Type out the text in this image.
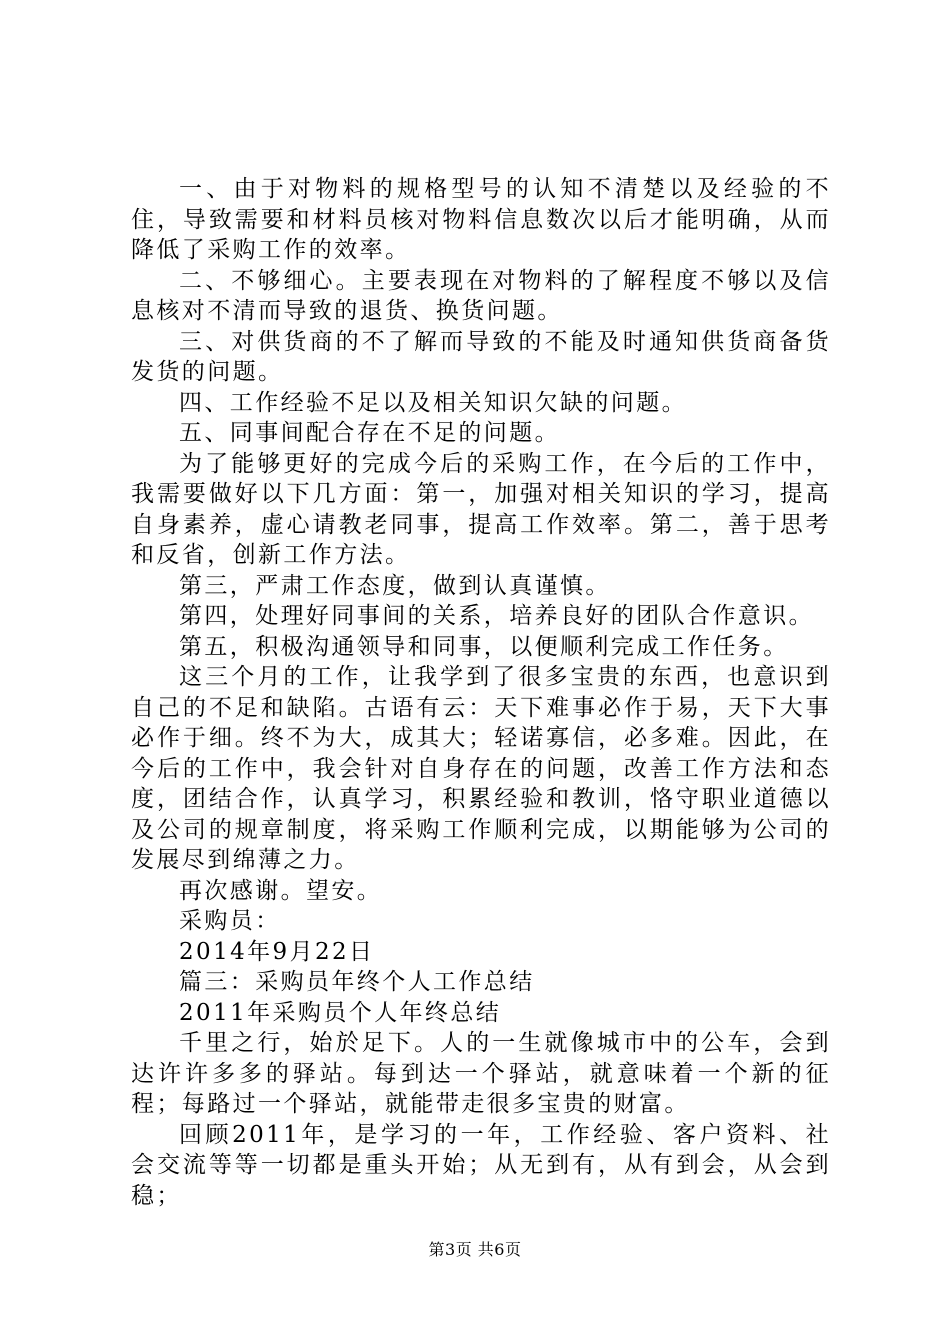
一、由于对物料的规格型号的认知不清楚以及经验的不住，导致需要和材料员核对物料信息数次以后才能明确，从而降低了采购工作的效率。

二、不够细心。主要表现在对物料的了解程度不够以及信息核对不清而导致的退货、换货问题。

三、对供货商的不了解而导致的不能及时通知供货商备货发货的问题。

四、工作经验不足以及相关知识欠缺的问题。

五、同事间配合存在不足的问题。

为了能够更好的完成今后的采购工作，在今后的工作中，我需要做好以下几方面：第一，加强对相关知识的学习，提高自身素养，虚心请教老同事，提高工作效率。第二，善于思考和反省，创新工作方法。

第三，严肃工作态度，做到认真谨慎。

第四，处理好同事间的关系，培养良好的团队合作意识。

第五，积极沟通领导和同事，以便顺利完成工作任务。

这三个月的工作，让我学到了很多宝贵的东西，也意识到自己的不足和缺陷。古语有云：天下难事必作于易，天下大事必作于细。终不为大，成其大；轻诺寡信，必多难。因此，在今后的工作中，我会针对自身存在的问题，改善工作方法和态度，团结合作，认真学习，积累经验和教训，恪守职业道德以及公司的规章制度，将采购工作顺利完成，以期能够为公司的发展尽到绵薄之力。

再次感谢。望安。

采购员：

2014年9月22日

篇三：采购员年终个人工作总结

2011年采购员个人年终总结

千里之行，始於足下。人的一生就像城市中的公车，会到达许许多多的驿站。每到达一个驿站，就意味着一个新的征程；每路过一个驿站，就能带走很多宝贵的财富。

回顾2011年，是学习的一年，工作经验、客户资料、社会交流等等一切都是重头开始；从无到有，从有到会，从会到稳；

第3页 共6页
